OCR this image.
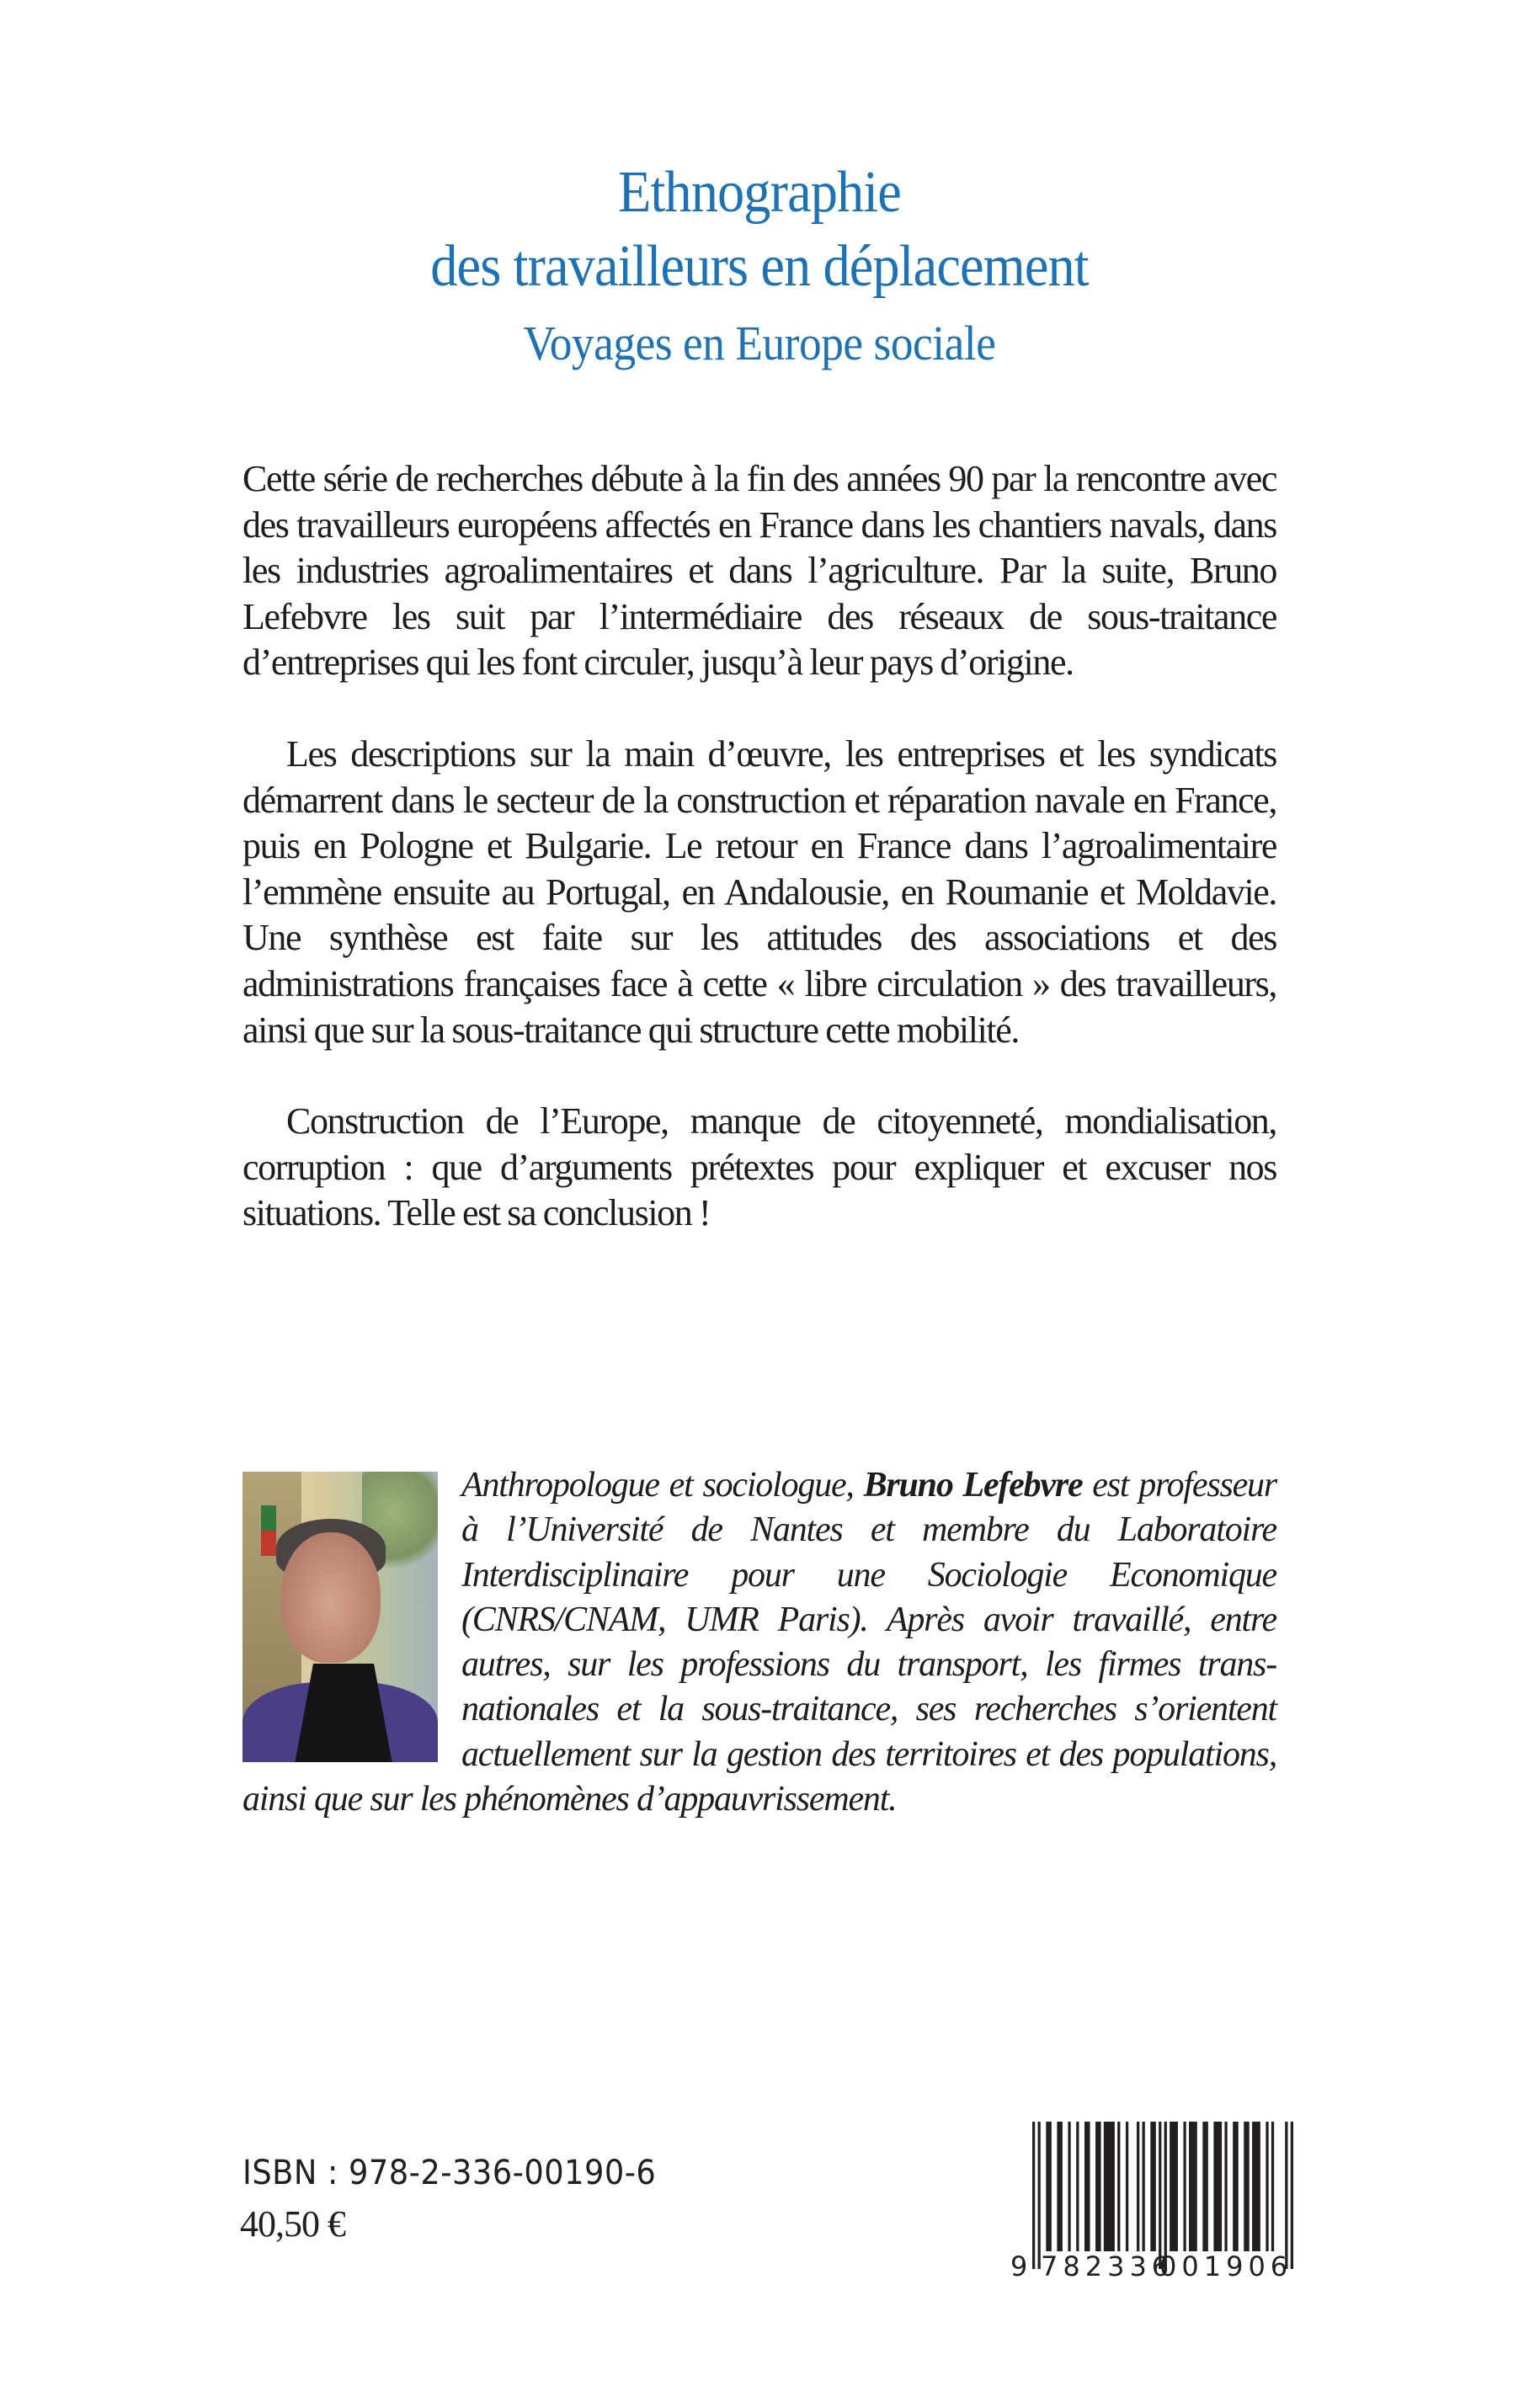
Ethnographie
des travailleurs en déplacement
Voyages en Europe sociale

Cette série de recherches débute à la fin des années 90 par la rencontre avec des travailleurs européens affectés en France dans les chantiers navals, dans les industries agroalimentaires et dans l’agriculture. Par la suite, Bruno Lefebvre les suit par l’intermédiaire des réseaux de sous-traitance d’entreprises qui les font circuler, jusqu’à leur pays d’origine.

Les descriptions sur la main d’œuvre, les entreprises et les syndicats démarrent dans le secteur de la construction et réparation navale en France, puis en Pologne et Bulgarie. Le retour en France dans l’agroalimentaire l’emmène ensuite au Portugal, en Andalousie, en Roumanie et Moldavie. Une synthèse est faite sur les attitudes des associations et des administrations françaises face à cette « libre circulation » des travailleurs, ainsi que sur la sous-traitance qui structure cette mobilité.

Construction de l’Europe, manque de citoyenneté, mondialisation, corruption : que d’arguments prétextes pour expliquer et excuser nos situations. Telle est sa conclusion !

Anthropologue et sociologue, Bruno Lefebvre est professeur à l’Université de Nantes et membre du Laboratoire Interdisciplinaire pour une Sociologie Economique (CNRS/CNAM, UMR Paris). Après avoir travaillé, entre autres, sur les professions du transport, les firmes trans-nationales et la sous-traitance, ses recherches s’orientent actuellement sur la gestion des territoires et des populations, ainsi que sur les phénomènes d’appauvrissement.
ISBN : 978-2-336-00190-6
40,50 €
9 782336
001906
